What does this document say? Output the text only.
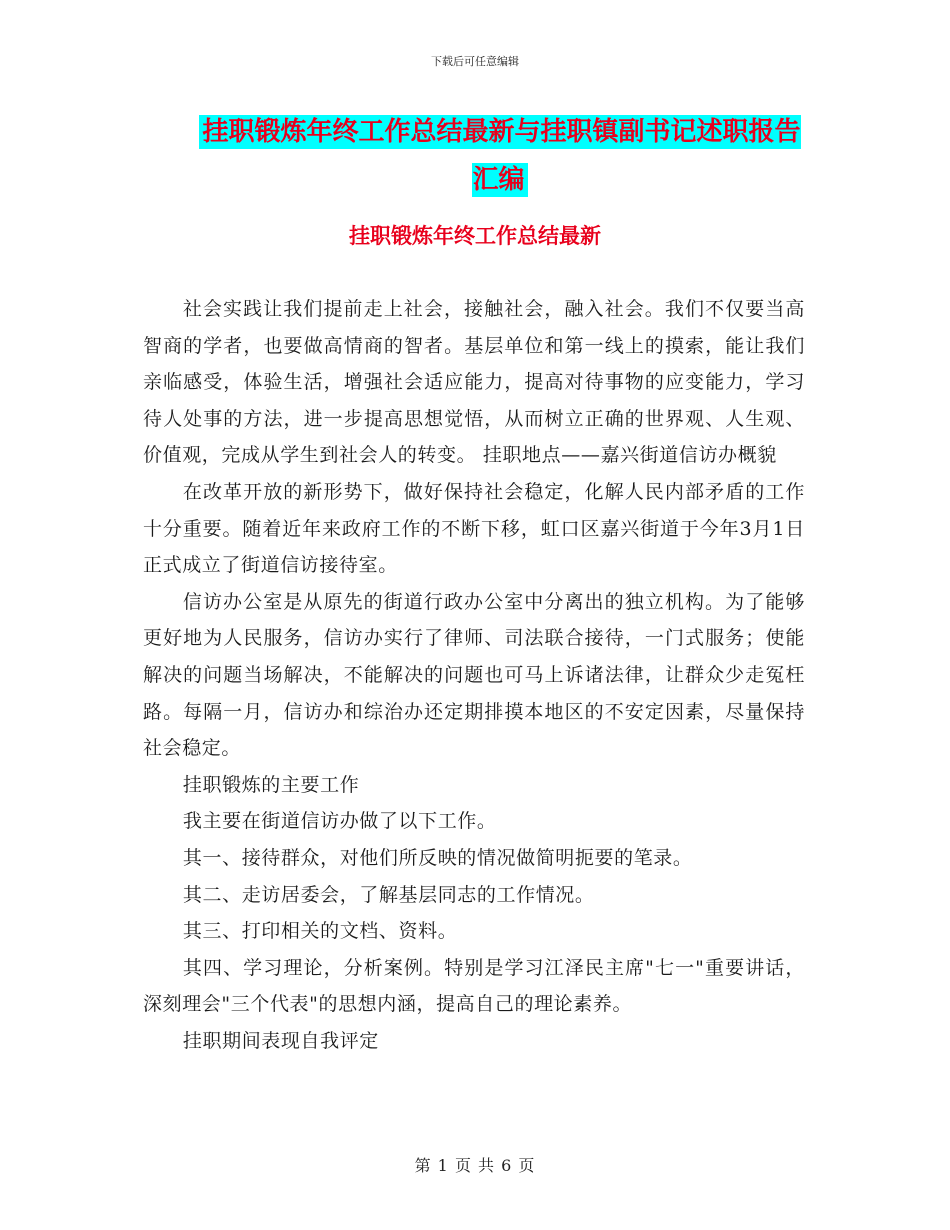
下载后可任意编辑
挂职锻炼年终工作总结最新与挂职镇副书记述职报告汇编
挂职锻炼年终工作总结最新

社会实践让我们提前走上社会，接触社会，融入社会。我们不仅要当高智商的学者，也要做高情商的智者。基层单位和第一线上的摸索，能让我们亲临感受，体验生活，增强社会适应能力，提高对待事物的应变能力，学习待人处事的方法，进一步提高思想觉悟，从而树立正确的世界观、人生观、价值观，完成从学生到社会人的转变。 挂职地点——嘉兴街道信访办概貌

在改革开放的新形势下，做好保持社会稳定，化解人民内部矛盾的工作十分重要。随着近年来政府工作的不断下移，虹口区嘉兴街道于今年3月1日正式成立了街道信访接待室。

信访办公室是从原先的街道行政办公室中分离出的独立机构。为了能够更好地为人民服务，信访办实行了律师、司法联合接待，一门式服务；使能解决的问题当场解决，不能解决的问题也可马上诉诸法律，让群众少走冤枉路。每隔一月，信访办和综治办还定期排摸本地区的不安定因素，尽量保持社会稳定。

挂职锻炼的主要工作

我主要在街道信访办做了以下工作。

其一、接待群众，对他们所反映的情况做简明扼要的笔录。

其二、走访居委会，了解基层同志的工作情况。

其三、打印相关的文档、资料。

其四、学习理论，分析案例。特别是学习江泽民主席"七一"重要讲话，深刻理会"三个代表"的思想内涵，提高自己的理论素养。

挂职期间表现自我评定

第 1 页 共 6 页
